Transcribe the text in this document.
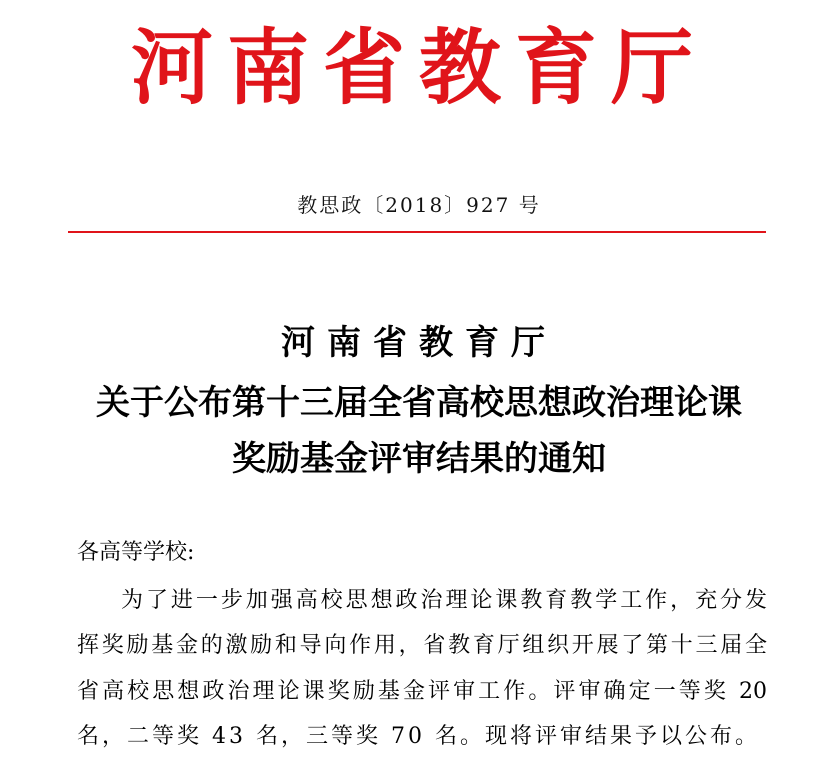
河南省教育厅
教思政〔2018〕927 号
河南省教育厅
关于公布第十三届全省高校思想政治理论课
奖励基金评审结果的通知
各高等学校:
为了进一步加强高校思想政治理论课教育教学工作，充分发
挥奖励基金的激励和导向作用，省教育厅组织开展了第十三届全
省高校思想政治理论课奖励基金评审工作。评审确定一等奖 20
名，二等奖 43 名，三等奖 70 名。现将评审结果予以公布。
